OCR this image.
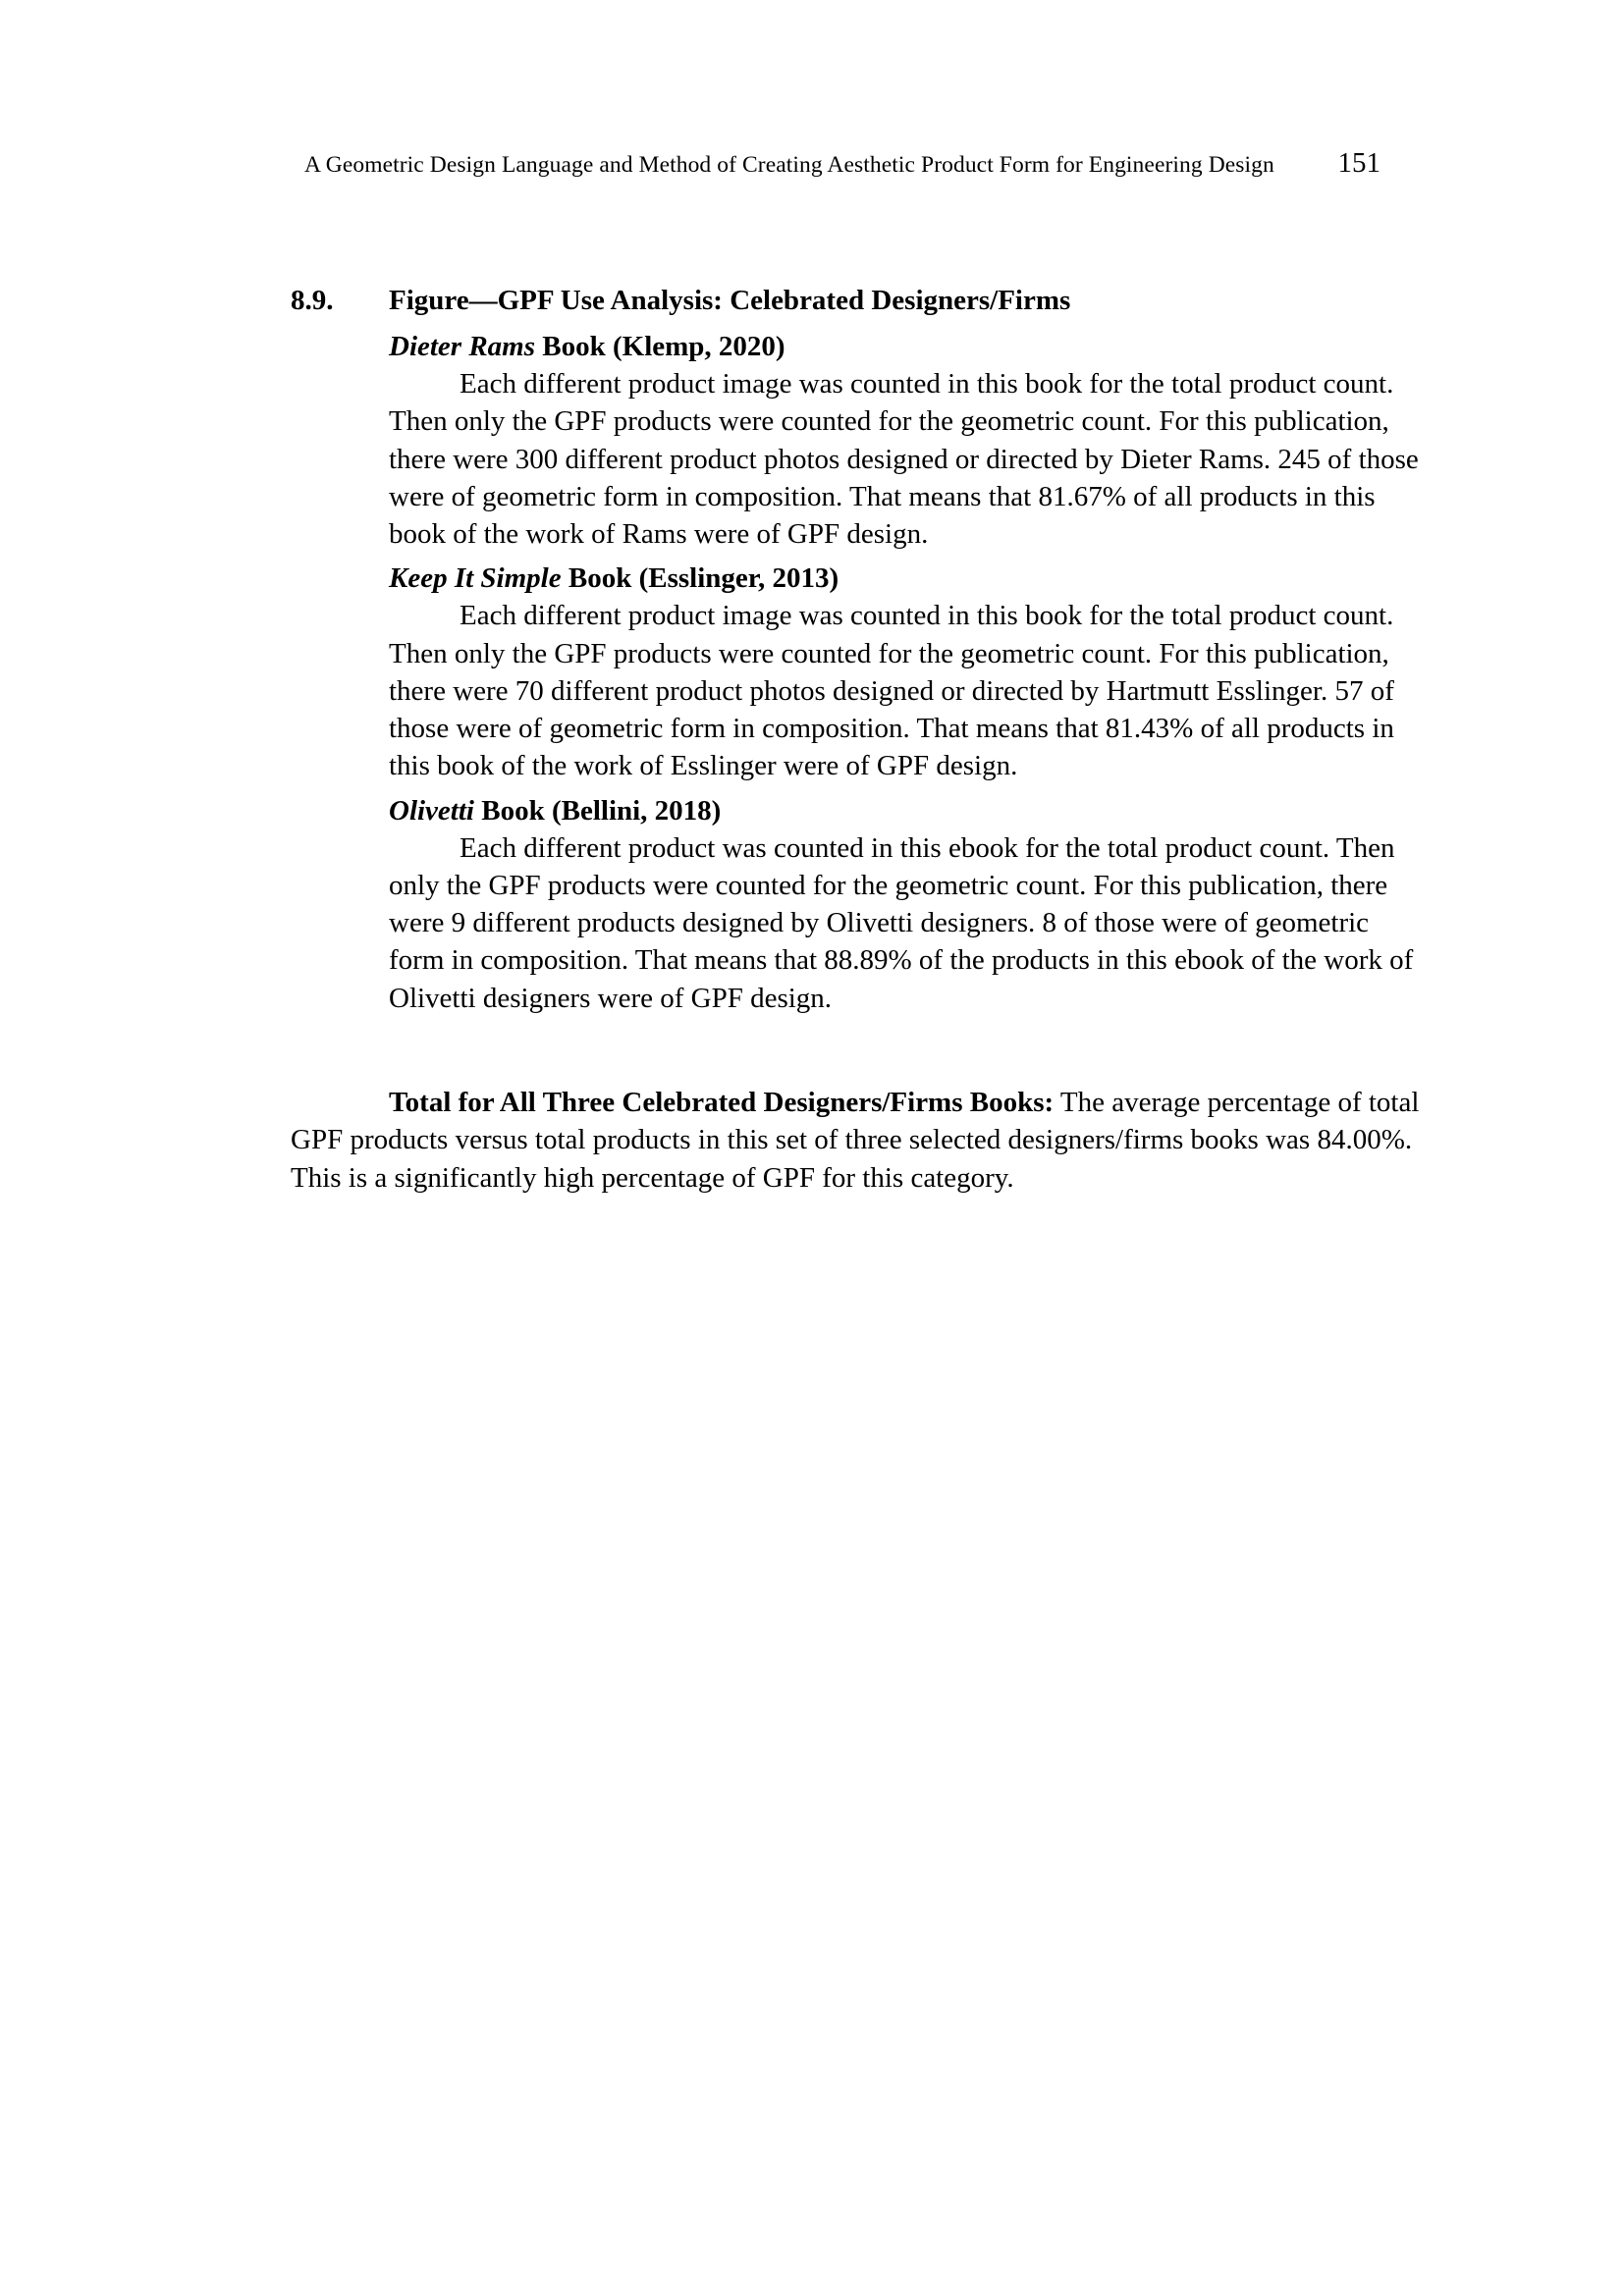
A Geometric Design Language and Method of Creating Aesthetic Product Form for Engineering Design	151
8.9.	Figure—GPF Use Analysis: Celebrated Designers/Firms
Dieter Rams Book (Klemp, 2020)

Each different product image was counted in this book for the total product count. Then only the GPF products were counted for the geometric count. For this publication, there were 300 different product photos designed or directed by Dieter Rams. 245 of those were of geometric form in composition. That means that 81.67% of all products in this book of the work of Rams were of GPF design.

Keep It Simple Book (Esslinger, 2013)

Each different product image was counted in this book for the total product count. Then only the GPF products were counted for the geometric count. For this publication, there were 70 different product photos designed or directed by Hartmutt Esslinger. 57 of those were of geometric form in composition. That means that 81.43% of all products in this book of the work of Esslinger were of GPF design.

Olivetti Book (Bellini, 2018)

Each different product was counted in this ebook for the total product count. Then only the GPF products were counted for the geometric count. For this publication, there were 9 different products designed by Olivetti designers. 8 of those were of geometric form in composition. That means that 88.89% of the products in this ebook of the work of Olivetti designers were of GPF design.

Total for All Three Celebrated Designers/Firms Books: The average percentage of total GPF products versus total products in this set of three selected designers/firms books was 84.00%. This is a significantly high percentage of GPF for this category.
